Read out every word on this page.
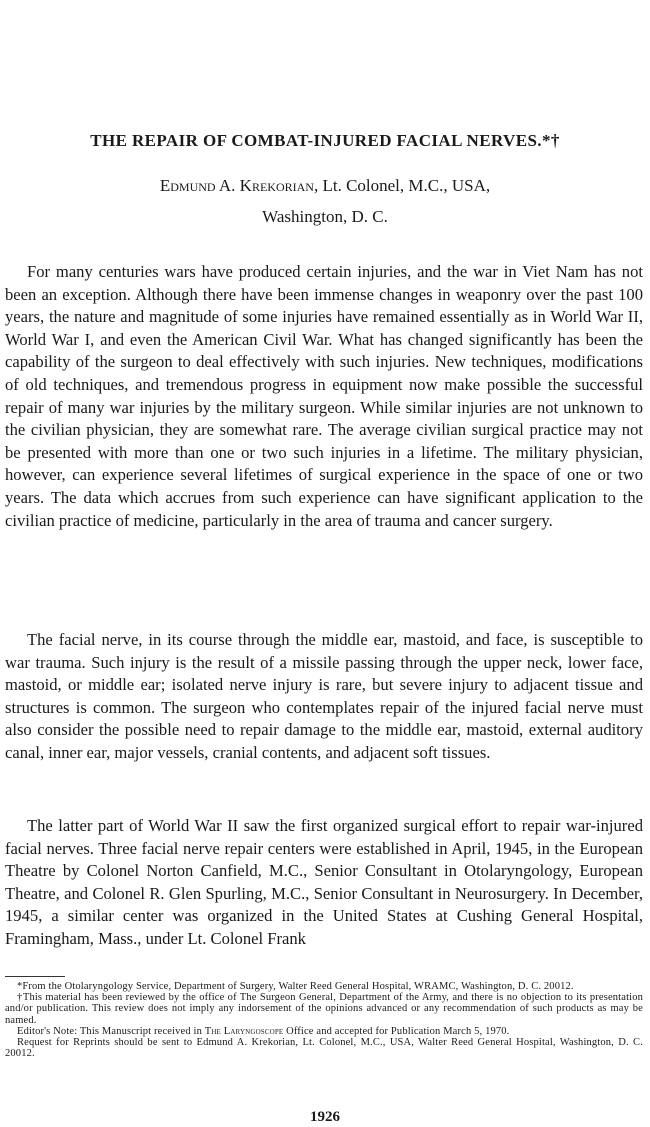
THE REPAIR OF COMBAT-INJURED FACIAL NERVES.*†

Edmund A. Krekorian, Lt. Colonel, M.C., USA,

Washington, D. C.

For many centuries wars have produced certain injuries, and the war in Viet Nam has not been an exception. Although there have been immense changes in weaponry over the past 100 years, the nature and magnitude of some injuries have remained essentially as in World War II, World War I, and even the American Civil War. What has changed significantly has been the capability of the surgeon to deal effectively with such injuries. New techniques, modifications of old techniques, and tremendous progress in equipment now make possible the successful repair of many war injuries by the military surgeon. While similar injuries are not unknown to the civilian physician, they are somewhat rare. The average civilian surgical practice may not be presented with more than one or two such injuries in a lifetime. The military physician, however, can experience several lifetimes of surgical experience in the space of one or two years. The data which accrues from such experience can have significant application to the civilian practice of medicine, particularly in the area of trauma and cancer surgery.

The facial nerve, in its course through the middle ear, mastoid, and face, is susceptible to war trauma. Such injury is the result of a missile passing through the upper neck, lower face, mastoid, or middle ear; isolated nerve injury is rare, but severe injury to adjacent tissue and structures is common. The surgeon who contemplates repair of the injured facial nerve must also consider the possible need to repair damage to the middle ear, mastoid, external auditory canal, inner ear, major vessels, cranial contents, and adjacent soft tissues.

The latter part of World War II saw the first organized surgical effort to repair war-injured facial nerves. Three facial nerve repair centers were established in April, 1945, in the European Theatre by Colonel Norton Canfield, M.C., Senior Consultant in Otolaryngology, European Theatre, and Colonel R. Glen Spurling, M.C., Senior Consultant in Neurosurgery. In December, 1945, a similar center was organized in the United States at Cushing General Hospital, Framingham, Mass., under Lt. Colonel Frank

*From the Otolaryngology Service, Department of Surgery, Walter Reed General Hospital, WRAMC, Washington, D. C. 20012.

†This material has been reviewed by the office of The Surgeon General, Department of the Army, and there is no objection to its presentation and/or publication. This review does not imply any indorsement of the opinions advanced or any recommendation of such products as may be named.

Editor's Note: This Manuscript received in The Laryngoscope Office and accepted for Publication March 5, 1970.

Request for Reprints should be sent to Edmund A. Krekorian, Lt. Colonel, M.C., USA, Walter Reed General Hospital, Washington, D. C. 20012.

1926
